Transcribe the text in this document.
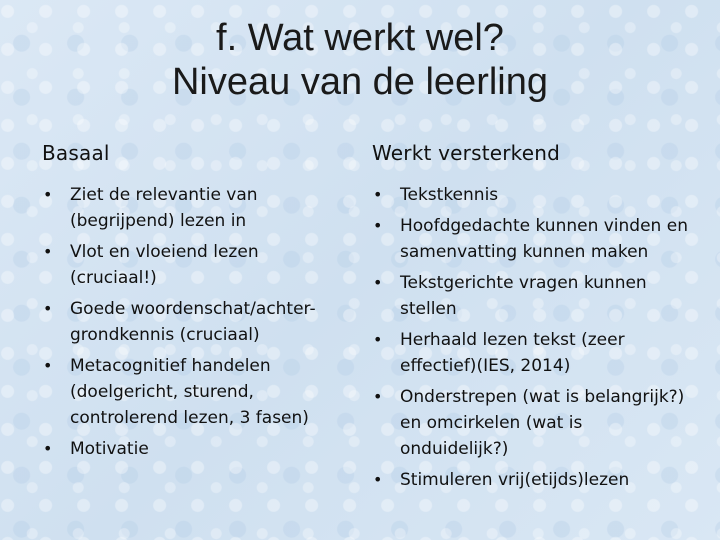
f. Wat werkt wel?
Niveau van de leerling
Basaal
• Ziet de relevantie van (begrijpend) lezen in
• Vlot en vloeiend lezen (cruciaal!)
• Goede woordenschat/achter-grondkennis (cruciaal)
• Metacognitief handelen (doelgericht, sturend, controlerend lezen, 3 fasen)
• Motivatie
Werkt versterkend
• Tekstkennis
• Hoofdgedachte kunnen vinden en samenvatting kunnen maken
• Tekstgerichte vragen kunnen stellen
• Herhaald lezen tekst (zeer effectief)(IES, 2014)
• Onderstrepen (wat is belangrijk?) en omcirkelen (wat is onduidelijk?)
• Stimuleren vrij(etijds)lezen
